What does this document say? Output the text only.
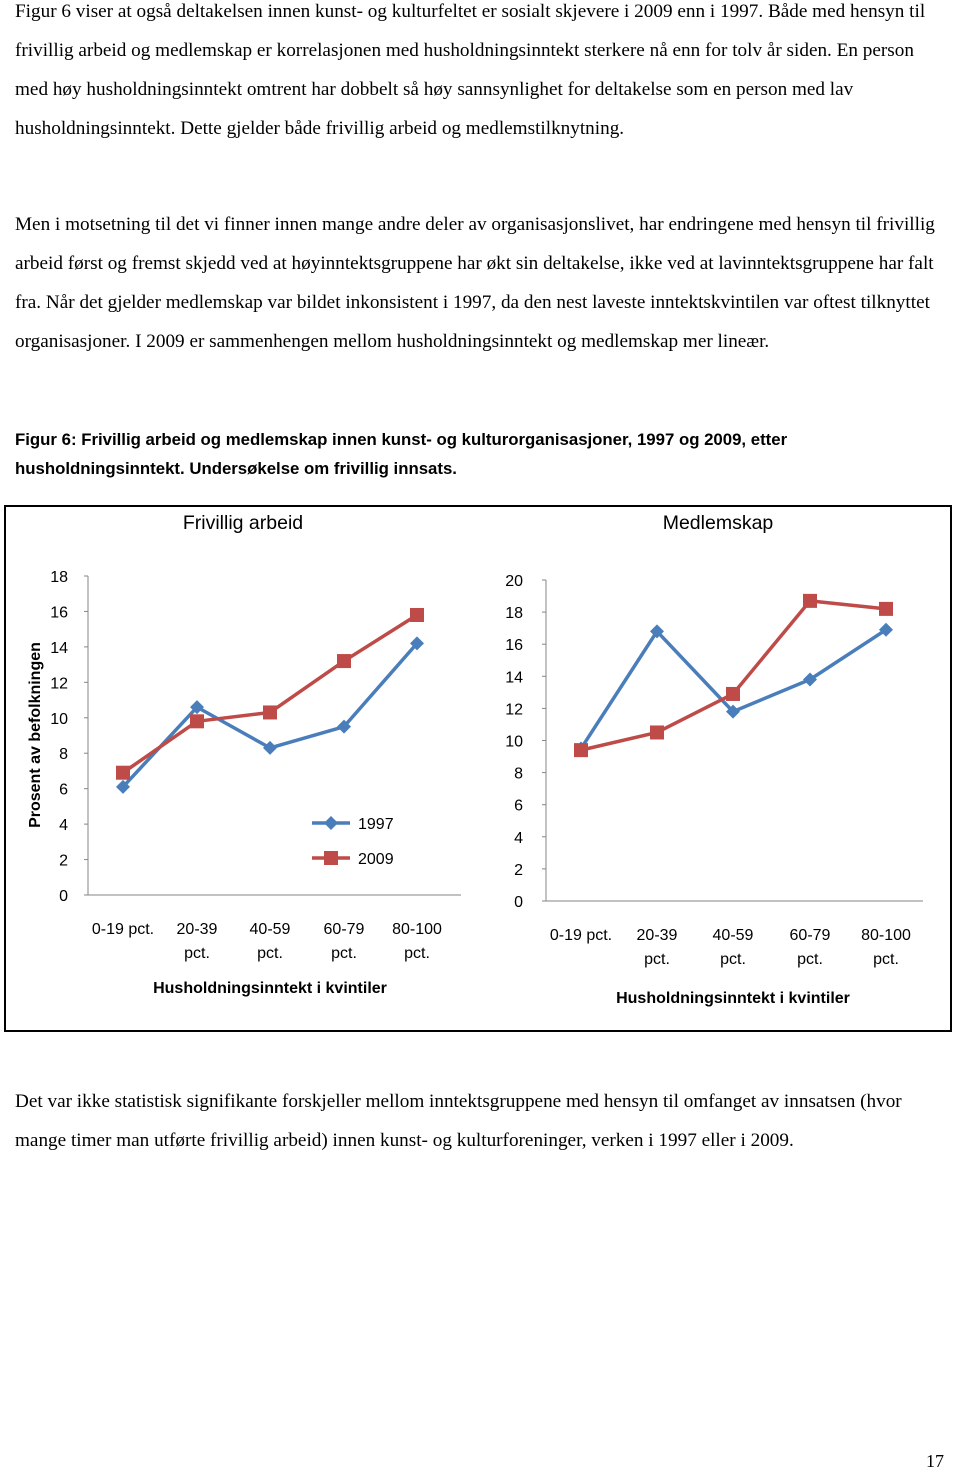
Figur 6 viser at også deltakelsen innen kunst- og kulturfeltet er sosialt skjevere i 2009 enn i 1997. Både med hensyn til frivillig arbeid og medlemskap er korrelasjonen med husholdningsinntekt sterkere nå enn for tolv år siden. En person med høy husholdningsinntekt omtrent har dobbelt så høy sannsynlighet for deltakelse som en person med lav husholdningsinntekt. Dette gjelder både frivillig arbeid og medlemstilknytning.

Men i motsetning til det vi finner innen mange andre deler av organisasjonslivet, har endringene med hensyn til frivillig arbeid først og fremst skjedd ved at høyinntektsgruppene har økt sin deltakelse, ikke ved at lavinntektsgruppene har falt fra. Når det gjelder medlemskap var bildet inkonsistent i 1997, da den nest laveste inntektskvintilen var oftest tilknyttet organisasjoner. I 2009 er sammenhengen mellom husholdningsinntekt og medlemskap mer lineær.

Figur 6: Frivillig arbeid og medlemskap innen kunst- og kulturorganisasjoner, 1997 og 2009, etter husholdningsinntekt. Undersøkelse om frivillig innsats.

Frivillig arbeid
0
2
4
6
8
10
12
14
16
18
0-19 pct. 20-39 pct.
40-59 pct.
60-79 pct.
80-100 pct.
Husholdningsinntekt i kvintiler
Prosent av befolkningen	1997
2009
Medlemskap
0
2
4
6
8
10
12
14
16
18
20
0-19 pct. 20-39 pct.
40-59 pct.
60-79 pct.
80-100 pct.
Husholdningsinntekt i kvintiler

Det var ikke statistisk signifikante forskjeller mellom inntektsgruppene med hensyn til omfanget av innsatsen (hvor mange timer man utførte frivillig arbeid) innen kunst- og kulturforeninger, verken i 1997 eller i 2009.

17
